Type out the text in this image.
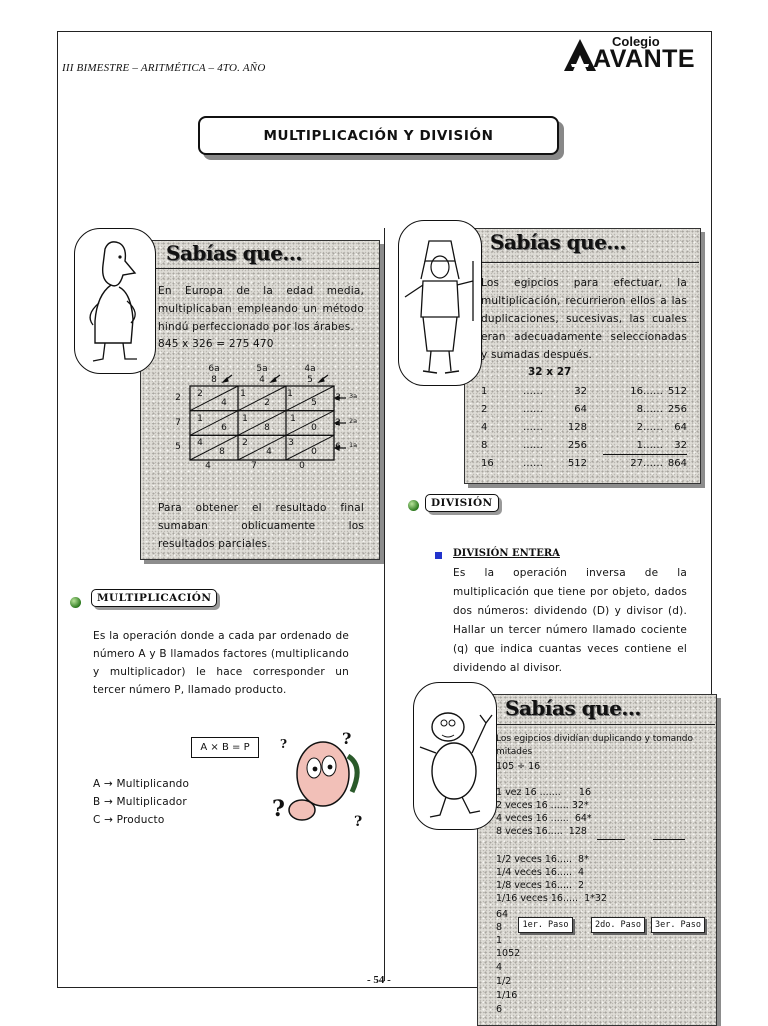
III BIMESTRE – ARITMÉTICA – 4TO. AÑO
Colegio
AVANTE
MULTIPLICACIÓN Y DIVISIÓN
Sabías que...
En Europa de la edad media, multiplicaban empleando un método hindú perfeccionado por los árabes.
845 x 326 = 275 470
6a	5a	4a
8	4	5
2
7
5
3
2
6
3a
2a
1a
4	7	0
2
4
1
2
1
5
1
6
1
8
1
0
4
8
2
4
3
0
Para obtener el resultado final sumaban oblicuamente los resultados parciales.
MULTIPLICACIÓN
Es la operación donde a cada par ordenado de número A y B llamados factores (multiplicando y multiplicador) le hace corresponder un tercer número P, llamado producto.
A × B = P
A → Multiplicando
B → Multiplicador
C → Producto	?
?
?
?
Sabías que...
Los egipcios para efectuar, la multiplicación, recurrieron ellos a las duplicaciones, sucesivas, las cuales eran adecuadamente seleccionadas y sumadas después.
32 x 27
1	……	32	16 …… 512
2	……	64	8 …… 256
4	……	128	2 ……	64
8	……	256	1 ……	32
16	……	512	27 …… 864
DIVISIÓN
DIVISIÓN ENTERA
Es la operación inversa de la multiplicación que tiene por objeto, dados dos números: dividendo (D) y divisor (d). Hallar un tercer número llamado cociente (q) que indica cuantas veces contiene el dividendo al divisor.
Sabías que...
Los egipcios dividían duplicando y tomando mitades
105 ÷ 16
1 vez 16 .......      16
2 veces 16 ...... 32*
4 veces 16 ......  64*
8 veces 16.....  128
1/2 veces 16.....  8*
1/4 veces 16.....  4
1/8 veces 16.....  2
1/16 veces 16.....  1*32
64
8
1
1052
4
1/2
1/16
6
1er. Paso	2do. Paso	3er. Paso
- 54 -
